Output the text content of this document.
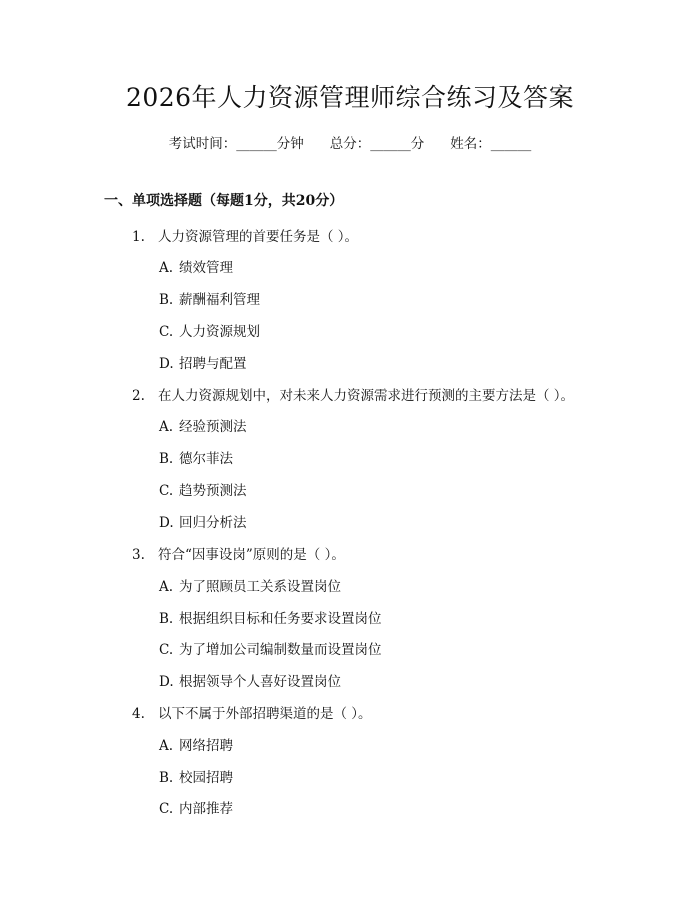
2026年人力资源管理师综合练习及答案
考试时间：______分钟 总分：______分 姓名：______
一、单项选择题（每题1分，共20分）
1. 人力资源管理的首要任务是（ ）。
A. 绩效管理
B. 薪酬福利管理
C. 人力资源规划
D. 招聘与配置
2. 在人力资源规划中，对未来人力资源需求进行预测的主要方法是（ ）。
A. 经验预测法
B. 德尔菲法
C. 趋势预测法
D. 回归分析法
3. 符合“因事设岗”原则的是（ ）。
A. 为了照顾员工关系设置岗位
B. 根据组织目标和任务要求设置岗位
C. 为了增加公司编制数量而设置岗位
D. 根据领导个人喜好设置岗位
4. 以下不属于外部招聘渠道的是（ ）。
A. 网络招聘
B. 校园招聘
C. 内部推荐
